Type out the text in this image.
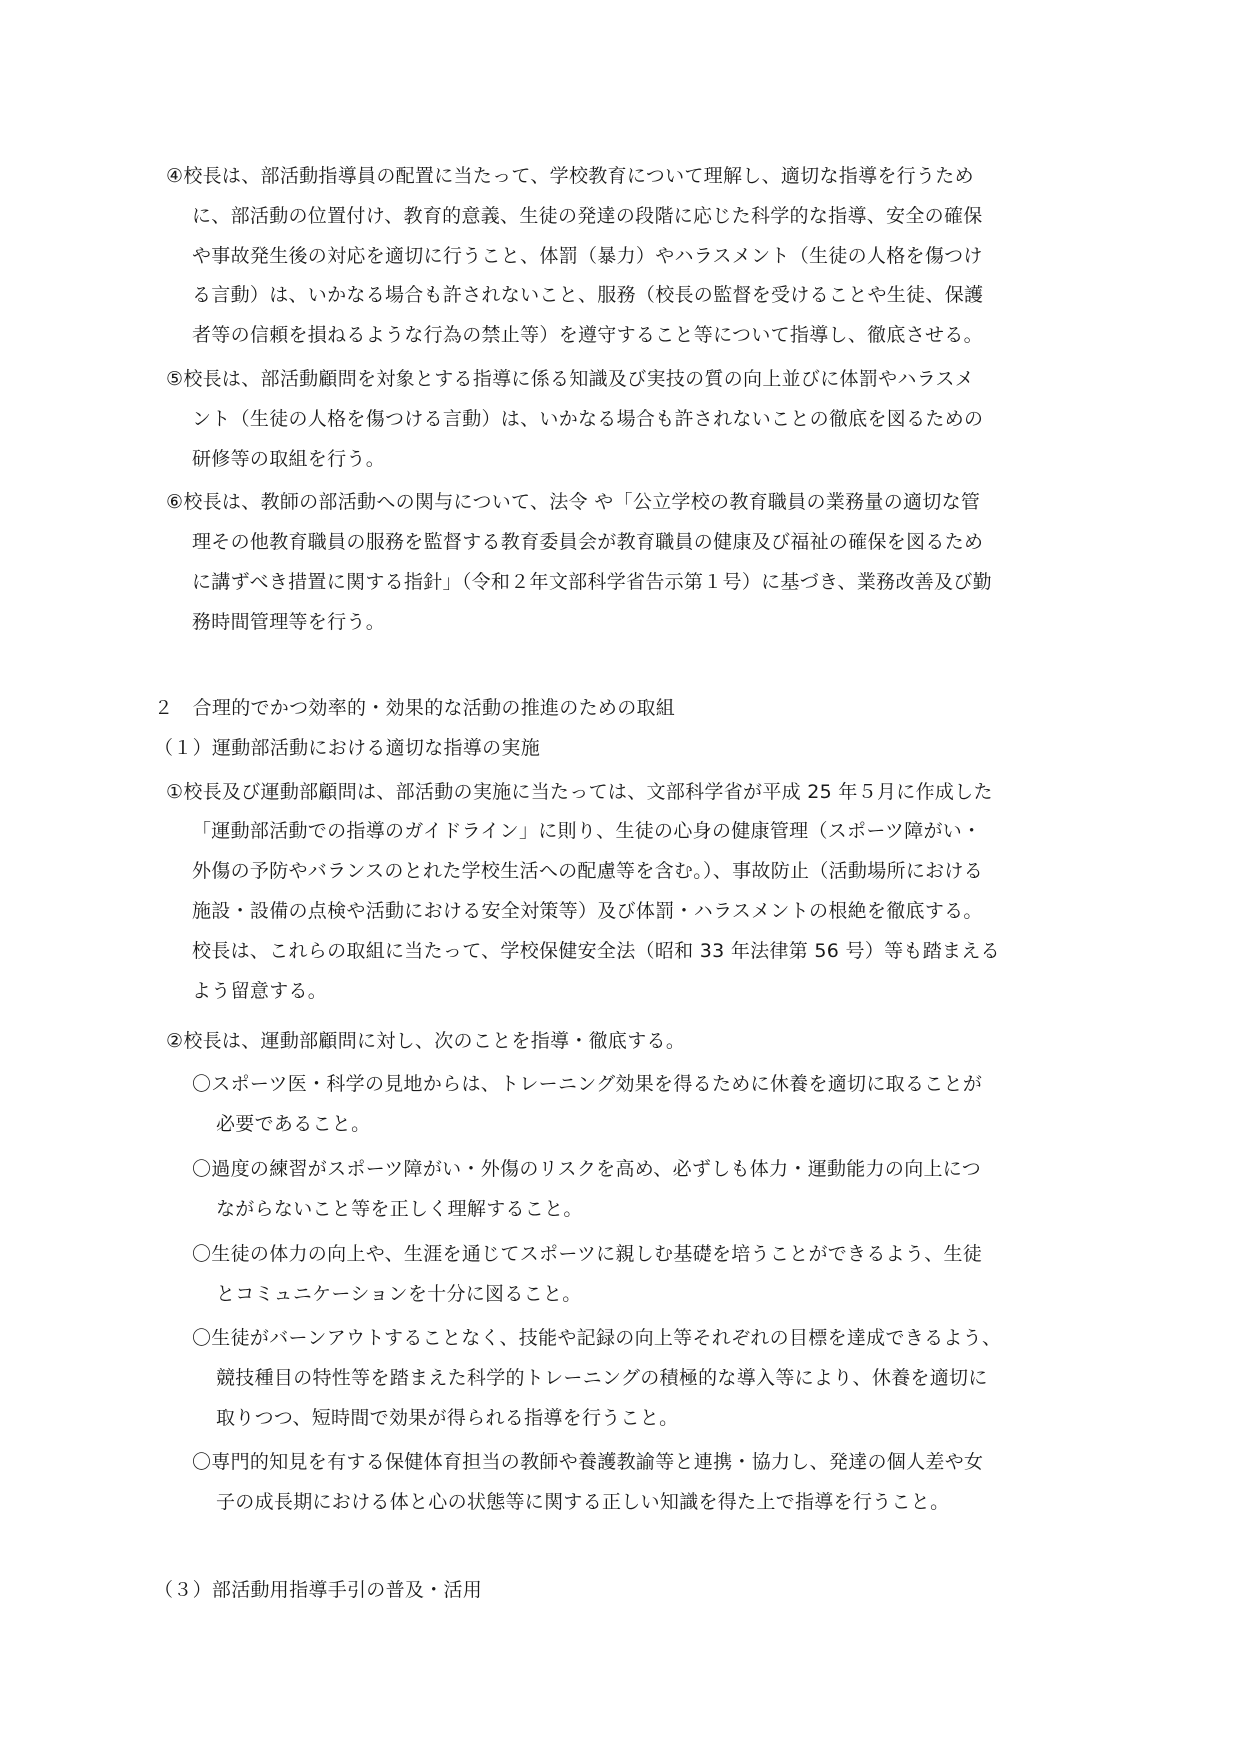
④校長は、部活動指導員の配置に当たって、学校教育について理解し、適切な指導を行うため
に、部活動の位置付け、教育的意義、生徒の発達の段階に応じた科学的な指導、安全の確保
や事故発生後の対応を適切に行うこと、体罰（暴力）やハラスメント（生徒の人格を傷つけ
る言動）は、いかなる場合も許されないこと、服務（校長の監督を受けることや生徒、保護
者等の信頼を損ねるような行為の禁止等）を遵守すること等について指導し、徹底させる。
⑤校長は、部活動顧問を対象とする指導に係る知識及び実技の質の向上並びに体罰やハラスメ
ント（生徒の人格を傷つける言動）は、いかなる場合も許されないことの徹底を図るための
研修等の取組を行う。
⑥校長は、教師の部活動への関与について、法令 や「公立学校の教育職員の業務量の適切な管
理その他教育職員の服務を監督する教育委員会が教育職員の健康及び福祉の確保を図るため
に講ずべき措置に関する指針」（令和２年文部科学省告示第１号）に基づき、業務改善及び勤
務時間管理等を行う。
２　合理的でかつ効率的・効果的な活動の推進のための取組
（１）運動部活動における適切な指導の実施
①校長及び運動部顧問は、部活動の実施に当たっては、文部科学省が平成 25 年５月に作成した
「運動部活動での指導のガイドライン」に則り、生徒の心身の健康管理（スポーツ障がい・
外傷の予防やバランスのとれた学校生活への配慮等を含む。）、事故防止（活動場所における
施設・設備の点検や活動における安全対策等）及び体罰・ハラスメントの根絶を徹底する。
校長は、これらの取組に当たって、学校保健安全法（昭和 33 年法律第 56 号）等も踏まえる
よう留意する。
②校長は、運動部顧問に対し、次のことを指導・徹底する。
〇スポーツ医・科学の見地からは、トレーニング効果を得るために休養を適切に取ることが
必要であること。
〇過度の練習がスポーツ障がい・外傷のリスクを高め、必ずしも体力・運動能力の向上につ
ながらないこと等を正しく理解すること。
〇生徒の体力の向上や、生涯を通じてスポーツに親しむ基礎を培うことができるよう、生徒
とコミュニケーションを十分に図ること。
〇生徒がバーンアウトすることなく、技能や記録の向上等それぞれの目標を達成できるよう、
競技種目の特性等を踏まえた科学的トレーニングの積極的な導入等により、休養を適切に
取りつつ、短時間で効果が得られる指導を行うこと。
〇専門的知見を有する保健体育担当の教師や養護教諭等と連携・協力し、発達の個人差や女
子の成長期における体と心の状態等に関する正しい知識を得た上で指導を行うこと。
（３）部活動用指導手引の普及・活用
